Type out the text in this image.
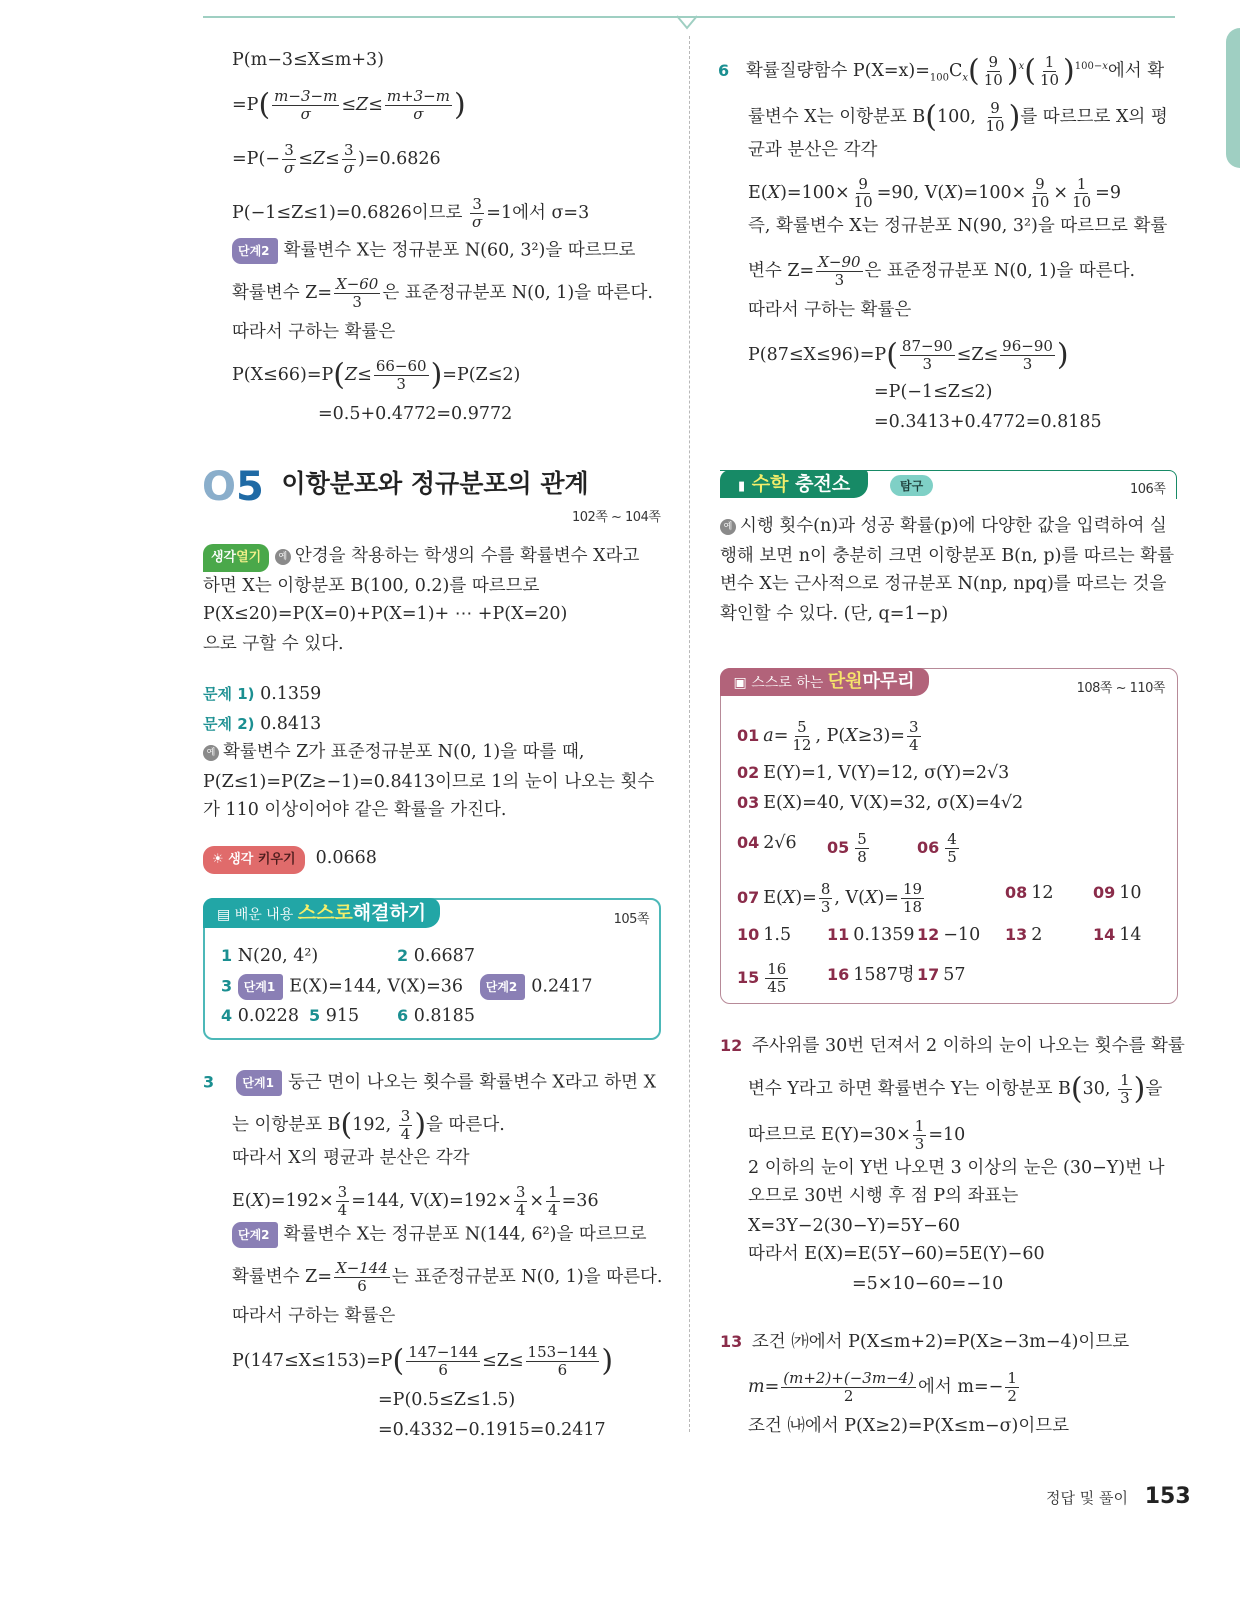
P(m−3≤X≤m+3)
$=P( \frac{m-3-m}{\sigma} \le Z\le \frac{m+3-m}{\sigma}$ )
$=P(- \frac{3}{\sigma} \le Z\le \frac{3}{\sigma} )=0.6826$
P(−1≤Z≤1)=0.6826이므로 $\frac{3}{\sigma} =1$에서 σ=3
단계2 확률변수 X는 정규분포 N(60, 3²)을 따르므로
확률변수 $Z= \frac{X-60}{3}$ 은 표준정규분포 N(0, 1)을 따른다.
따라서 구하는 확률은
$P(X\le 66)=P(Z\le \frac{66-60}{3} )=P(Z\le 2)$
=0.5+0.4772=0.9772
O5 이항분포와 정규분포의 관계
102쪽 ~ 104쪽
생각열기 예 안경을 착용하는 학생의 수를 확률변수 X라고
하면 X는 이항분포 B(100, 0.2)를 따르므로
P(X≤20)=P(X=0)+P(X=1)+ ⋯ +P(X=20)
으로 구할 수 있다.
문제 1) 0.1359
문제 2) 0.8413
예 확률변수 Z가 표준정규분포 N(0, 1)을 따를 때,
P(Z≤1)=P(Z≥−1)=0.8413이므로 1의 눈이 나오는 횟수
가 110 이상이어야 같은 확률을 가진다.
☀ 생각 키우기 0.0668
▤ 배운 내용 스스로해결하기	105쪽
1 N(20, 4²)	2 0.6687
3 단계1 E(X)=144, V(X)=36 단계2 0.2417
4 0.0228 5 915 6 0.8185
3 단계1 둥근 면이 나오는 횟수를 확률변수 X라고 하면 X
는 이항분포 B(192, $\frac{3}{4}$ )을 따른다.
따라서 X의 평균과 분산은 각각
$E(X)=192\times \frac{3}{4} =144$, $V(X)=192\times \frac{3}{4} \times \frac{1}{4} =36$
단계2 확률변수 X는 정규분포 N(144, 6²)을 따르므로
확률변수 $Z= \frac{X-144}{6}$ 는 표준정규분포 N(0, 1)을 따른다.
따라서 구하는 확률은
$P(147\le X\le 153)=P( \frac{147-144}{6} \le Z\le \frac{153-144}{6}$ )
=P(0.5≤Z≤1.5)
=0.4332−0.1915=0.2417
6 확률질량함수 $P(X=x)=_{100}C_x( \frac{9}{10} )^x( \frac{1}{10} )^{100-x}$에서 확
률변수 X는 이항분포 B(100, $\frac{9}{10}$ )를 따르므로 X의 평
균과 분산은 각각
$E(X)=100\times \frac{9}{10} =90$, $V(X)=100\times \frac{9}{10} \times \frac{1}{10} =9$
즉, 확률변수 X는 정규분포 N(90, 3²)을 따르므로 확률
변수 $Z= \frac{X-90}{3}$ 은 표준정규분포 N(0, 1)을 따른다.
따라서 구하는 확률은
$P(87\le X\le 96)=P( \frac{87-90}{3} \le Z\le \frac{96-90}{3}$ )
=P(−1≤Z≤2)
=0.3413+0.4772=0.8185
▮ 수학 충전소	탐구	106쪽
예 시행 횟수(n)과 성공 확률(p)에 다양한 값을 입력하여 실
행해 보면 n이 충분히 크면 이항분포 B(n, p)를 따르는 확률
변수 X는 근사적으로 정규분포 N(np, npq)를 따르는 것을
확인할 수 있다. (단, q=1−p)
▣ 스스로 하는 단원마무리	108쪽 ~ 110쪽
01 $a= \frac{5}{12}$ , $P(X\ge 3)= \frac{3}{4}$
02 E(Y)=1, V(Y)=12, σ(Y)=2√3
03 E(X)=40, V(X)=32, σ(X)=4√2
04 2√6 $05 \frac{5}{8}$	$06 \frac{4}{5}$
07 $E(X)= \frac{8}{3}$ , $V(X)= \frac{19}{18}$	08 12 09 10
10 1.5 11 0.1359 12 −10 13 2	14 14
$15 \frac{16}{45} 16$ 1587명 17 57
12 주사위를 30번 던져서 2 이하의 눈이 나오는 횟수를 확률
변수 Y라고 하면 확률변수 Y는 이항분포 B(30, $\frac{1}{3}$ )을
따르므로 $E(Y)=30\times \frac{1}{3} =10$
2 이하의 눈이 Y번 나오면 3 이상의 눈은 (30−Y)번 나
오므로 30번 시행 후 점 P의 좌표는
X=3Y−2(30−Y)=5Y−60
따라서 E(X)=E(5Y−60)=5E(Y)−60
=5×10−60=−10
13 조건 ㈎에서 P(X≤m+2)=P(X≥−3m−4)이므로
$m= \frac{(m+2)+(-3m-4)}{2}$ 에서 $m=- \frac{1}{2}$
조건 ㈏에서 P(X≥2)=P(X≤m−σ)이므로
정답 및 풀이 153
